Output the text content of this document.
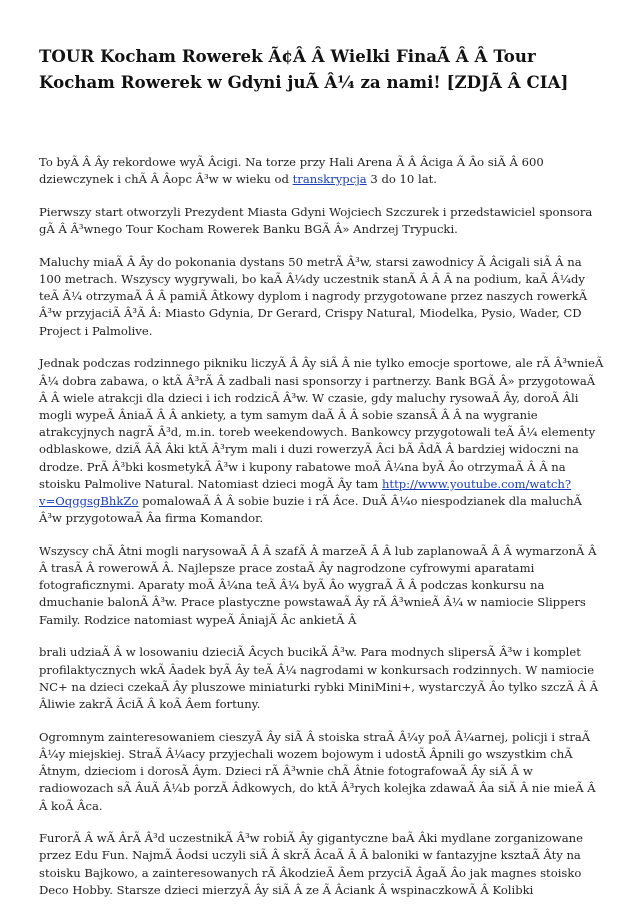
TOUR Kocham Rowerek Ã¢Â Â Wielki FinaÃ Â Â Tour Kocham Rowerek w Gdyni juÃ Â¼ za nami! [ZDJÃ Â CIA]

To byÃ Â Ây rekordowe wyÃ Âcigi. Na torze przy Hali Arena Ã Â Âciga Ã Âo siÃ Â 600 dziewczynek i chÃ Â Âopc Â³w w wieku od transkrypcja 3 do 10 lat.

Pierwszy start otworzyli Prezydent Miasta Gdyni Wojciech Szczurek i przedstawiciel sponsora gÃ Â Â³wnego Tour Kocham Rowerek Banku BGÃ Â» Andrzej Trypucki.

Maluchy miaÃ Â Ây do pokonania dystans 50 metrÃ Â³w, starsi zawodnicy Ã Âcigali siÃ Â na 100 metrach. Wszyscy wygrywali, bo kaÃ Â¼dy uczestnik stanÃ Â Â Â na podium, kaÃ Â¼dy teÃ Â¼ otrzymaÃ Â Â pamiÃ Âtkowy dyplom i nagrody przygotowane przez naszych rowerkÃ Â³w przyjaciÃ Â³Ã Â: Miasto Gdynia, Dr Gerard, Crispy Natural, Miodelka, Pysio, Wader, CD Project i Palmolive.

Jednak podczas rodzinnego pikniku liczyÃ Â Ây siÃ Â nie tylko emocje sportowe, ale rÃ Â³wnieÃ Â¼ dobra zabawa, o ktÃ Â³rÃ Â zadbali nasi sponsorzy i partnerzy. Bank BGÃ Â» przygotowaÃ Â Â wiele atrakcji dla dzieci i ich rodzicÃ Â³w. W czasie, gdy maluchy rysowaÃ Ây, doroÃ Âli mogli wypeÃ ÂniaÃ Â Â ankiety, a tym samym daÃ Â Â sobie szansÃ Â Â na wygranie atrakcyjnych nagrÃ Â³d, m.in. toreb weekendowych. Bankowcy przygotowali teÃ Â¼ elementy odblaskowe, dziÃ ÂÃ Âki ktÃ Â³rym mali i duzi rowerzyÃ Âci bÃ ÂdÃ Â bardziej widoczni na drodze. PrÃ Â³bki kosmetykÃ Â³w i kupony rabatowe moÃ Â¼na byÃ Âo otrzymaÃ Â Â na stoisku Palmolive Natural. Natomiast dzieci mogÃ Ây tam http://www.youtube.com/watch?v=OqggsgBhkZo pomalowaÃ Â Â sobie buzie i rÃ Âce. DuÃ Â¼o niespodzianek dla maluchÃ Â³w przygotowaÃ Âa firma Komandor.

Wszyscy chÃ Âtni mogli narysowaÃ Â Â szafÃ Â marzeÃ Â Â lub zaplanowaÃ Â Â wymarzonÃ Â Â trasÃ Â rowerowÃ Â. Najlepsze prace zostaÃ Ây nagrodzone cyfrowymi aparatami fotograficznymi. Aparaty moÃ Â¼na teÃ Â¼ byÃ Âo wygraÃ Â Â podczas konkursu na dmuchanie balonÃ Â³w. Prace plastyczne powstawaÃ Ây rÃ Â³wnieÃ Â¼ w namiocie Slippers Family. Rodzice natomiast wypeÃ ÂniajÃ Âc ankietÃ Â

brali udziaÃ Â w losowaniu dzieciÃ Âcych bucikÃ Â³w. Para modnych slipersÃ Â³w i komplet profilaktycznych wkÃ Âadek byÃ Ây teÃ Â¼ nagrodami w konkursach rodzinnych. W namiocie NC+ na dzieci czekaÃ Ây pluszowe miniaturki rybki MiniMini+, wystarczyÃ Âo tylko szczÃ Â Â Âliwie zakrÃ ÂciÃ Â koÃ Âem fortuny.

Ogromnym zainteresowaniem cieszyÃ Ây siÃ Â stoiska straÃ Â¼y poÃ Â¼arnej, policji i straÃ Â¼y miejskiej. StraÃ Â¼acy przyjechali wozem bojowym i udostÃ Âpnili go wszystkim chÃ Âtnym, dzieciom i dorosÃ Âym. Dzieci rÃ Â³wnie chÃ Âtnie fotografowaÃ Ây siÃ Â w radiowozach sÃ ÂuÃ Â¼b porzÃ Âdkowych, do ktÃ Â³rych kolejka zdawaÃ Âa siÃ Â nie mieÃ Â Â koÃ Âca.

FurorÃ Â wÃ ÂrÃ Â³d uczestnikÃ Â³w robiÃ Ây gigantyczne baÃ Âki mydlane zorganizowane przez Edu Fun. NajmÃ Âodsi uczyli siÃ Â skrÃ ÂcaÃ Â Â baloniki w fantazyjne ksztaÃ Âty na stoisku Bajkowo, a zainteresowanych rÃ ÂkodzieÃ Âem przyciÃ ÂgaÃ Âo jak magnes stoisko Deco Hobby. Starsze dzieci mierzyÃ Ây siÃ Â ze Ã Âciank Â wspinaczkowÃ Â Kolibki
